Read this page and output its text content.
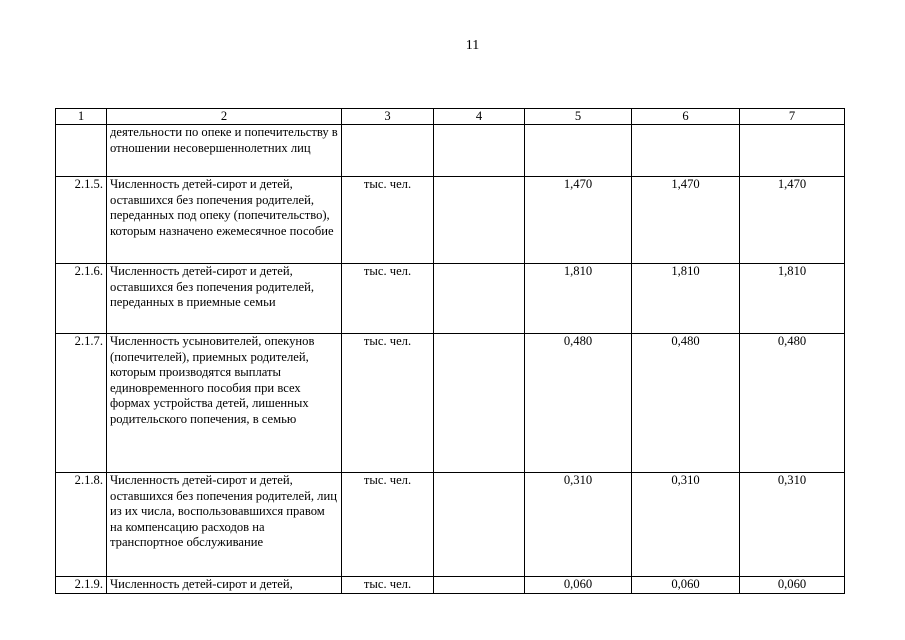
11
1	2	3	4	5	6	7
	деятельности по опеке и попечительству в отношении несовершеннолетних лиц					
2.1.5.	Численность детей-сирот и детей, оставшихся без попечения родителей, переданных под опеку (попечительство), которым назначено ежемесячное пособие	тыс. чел.		1,470	1,470	1,470
2.1.6.	Численность детей-сирот и детей, оставшихся без попечения родителей, переданных в приемные семьи	тыс. чел.		1,810	1,810	1,810
2.1.7.	Численность усыновителей, опекунов (попечителей), приемных родителей, которым производятся выплаты единовременного пособия при всех формах устройства детей, лишенных родительского попечения, в семью	тыс. чел.		0,480	0,480	0,480
2.1.8.	Численность детей-сирот и детей, оставшихся без попечения родителей, лиц из их числа, воспользовавшихся правом на компенсацию расходов на транспортное обслуживание	тыс. чел.		0,310	0,310	0,310
2.1.9.	Численность детей-сирот и детей,	тыс. чел.		0,060	0,060	0,060
